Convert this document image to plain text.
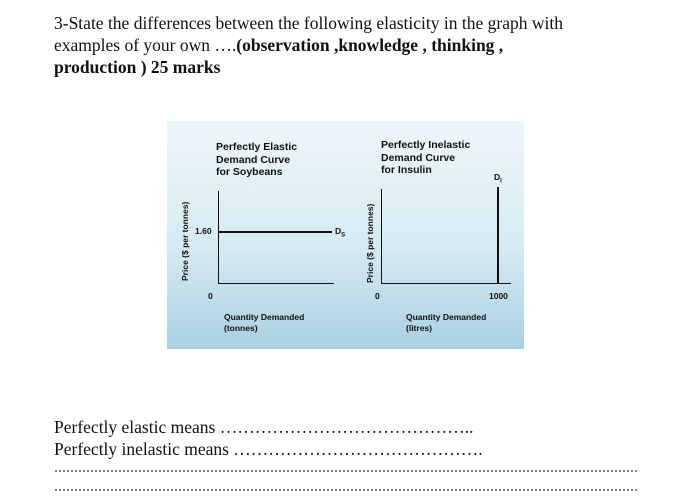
3-State the differences between the following elasticity in the graph with
examples of your own ….(observation ,knowledge , thinking ,
production ) 25 marks
Perfectly Elastic
Demand Curve
for Soybeans
Price ($ per tonnes) 1.60	$D_S$
0
Quantity Demanded
(tonnes)
Perfectly Inelastic
Demand Curve
for Insulin
Price ($ per tonnes)
$D_I$
0	1000
Quantity Demanded
(litres)
Perfectly elastic means ……………………………………..
Perfectly inelastic means …………………………………….
